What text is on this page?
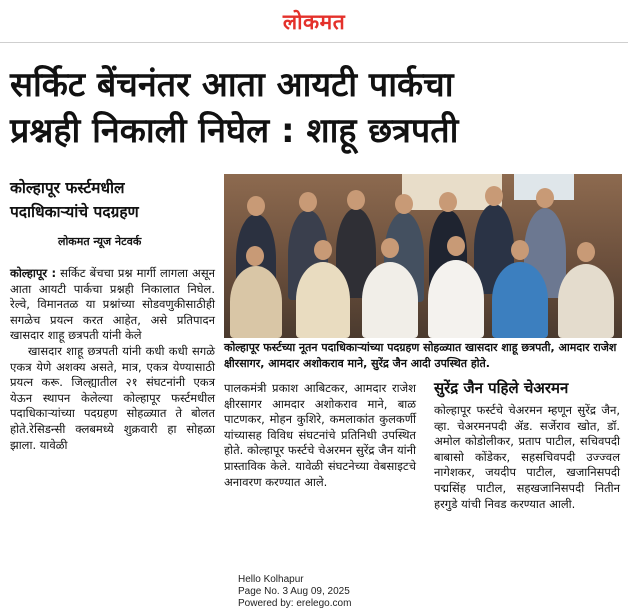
लोकमत
सर्किट बेंचनंतर आता आयटी पार्कचा
प्रश्नही निकाली निघेल : शाहू छत्रपती
कोल्हापूर फर्स्टमधील
पदाधिकाऱ्यांचे पदग्रहण
लोकमत न्यूज नेटवर्क

कोल्हापूर : सर्किट बेंचचा प्रश्न मार्गी लागला असून आता आयटी पार्कचा प्रश्नही निकालात निघेल. रेल्वे, विमानतळ या प्रश्नांच्या सोडवणुकीसाठीही सगळेच प्रयत्न करत आहेत, असे प्रतिपादन खासदार शाहू छत्रपती यांनी केले

खासदार शाहू छत्रपती यांनी कधी कधी सगळे एकत्र येणे अशक्य असते, मात्र, एकत्र येण्यासाठी प्रयत्न करू. जिल्ह्यातील २१ संघटनांनी एकत्र येऊन स्थापन केलेल्या कोल्हापूर फर्स्टमधील पदाधिकाऱ्यांच्या पदग्रहण सोहळ्यात ते बोलत होते.रेसिडन्सी क्लबमध्ये शुक्रवारी हा सोहळा झाला. यावेळी

कोल्हापूर फर्स्टच्या नूतन पदाधिकाऱ्यांच्या पदग्रहण सोहळ्यात खासदार शाहू छत्रपती, आमदार राजेश क्षीरसागर, आमदार अशोकराव माने, सुरेंद्र जैन आदी उपस्थित होते.
पालकमंत्री प्रकाश आबिटकर, आमदार राजेश क्षीरसागर आमदार अशोकराव माने, बाळ पाटणकर, मोहन कुशिरे, कमलाकांत कुलकर्णी यांच्यासह विविध संघटनांचे प्रतिनिधी उपस्थित होते. कोल्हापूर फर्स्टचे चेअरमन सुरेंद्र जैन यांनी प्रास्ताविक केले. यावेळी संघटनेच्या वेबसाइटचे अनावरण करण्यात आले.
सुरेंद्र जैन पहिले चेअरमन
कोल्हापूर फर्स्टचे चेअरमन म्हणून सुरेंद्र जैन, व्हा. चेअरमनपदी ॲड. सर्जेराव खोत, डॉ. अमोल कोडोलीकर, प्रताप पाटील, सचिवपदी बाबासो कोंडेकर, सहसचिवपदी उज्ज्वल नागेशकर, जयदीप पाटील, खजानिसपदी पद्मसिंह पाटील, सहखजानिसपदी नितीन हरगुडे यांची निवड करण्यात आली.
Hello Kolhapur
Page No. 3 Aug 09, 2025
Powered by: erelego.com
